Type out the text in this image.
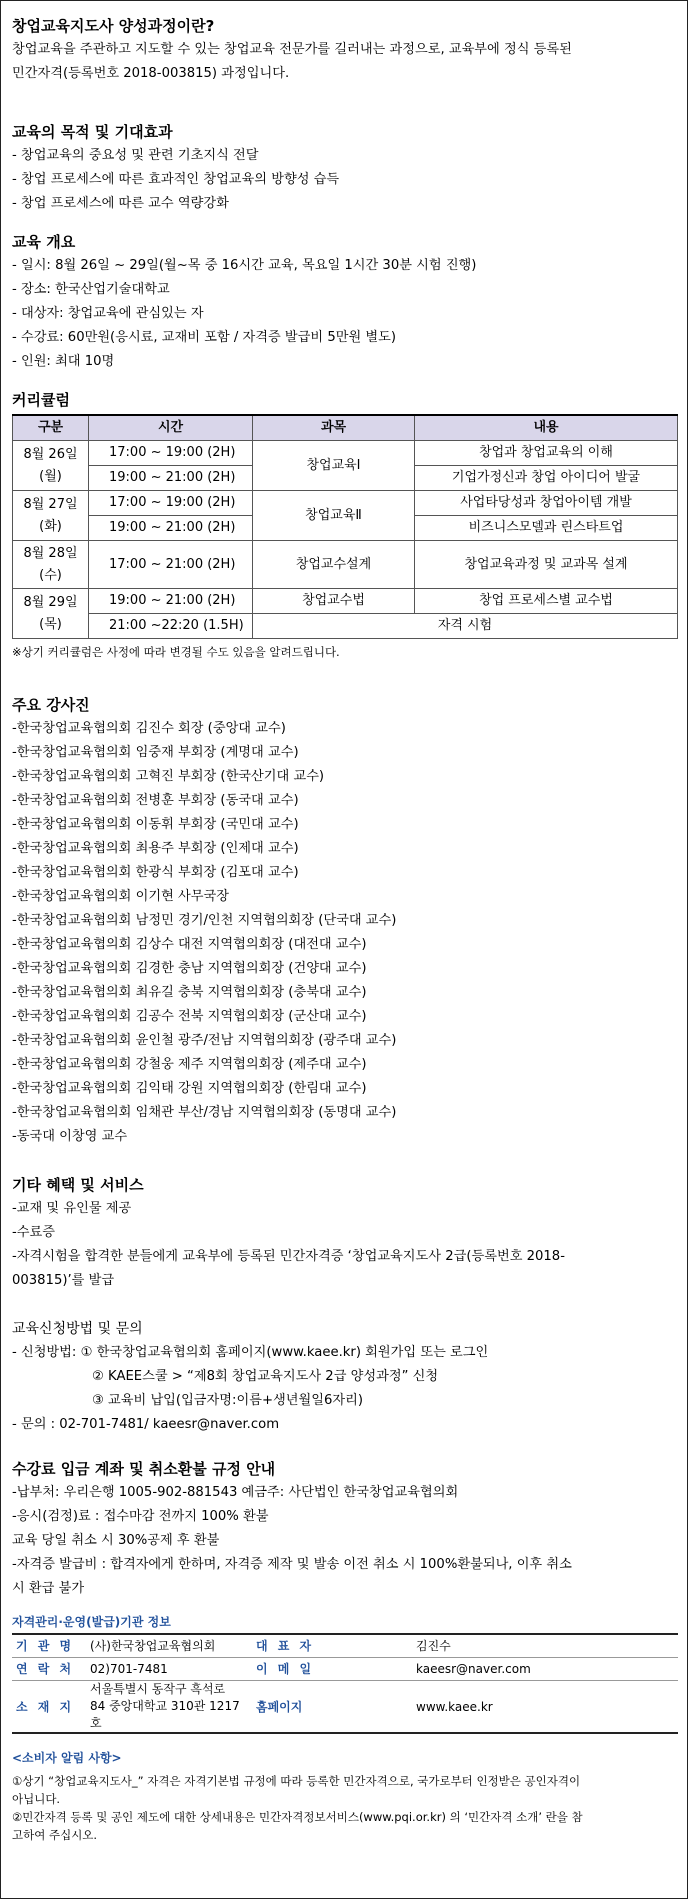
창업교육지도사 양성과정이란?
창업교육을 주관하고 지도할 수 있는 창업교육 전문가를 길러내는 과정으로, 교육부에 정식 등록된
민간자격(등록번호 2018-003815) 과정입니다.
교육의 목적 및 기대효과
- 창업교육의 중요성 및 관련 기초지식 전달
- 창업 프로세스에 따른 효과적인 창업교육의 방향성 습득
- 창업 프로세스에 따른 교수 역량강화
교육 개요
- 일시: 8월 26일 ~ 29일(월~목 중 16시간 교육, 목요일 1시간 30분 시험 진행)
- 장소: 한국산업기술대학교
- 대상자: 창업교육에 관심있는 자
- 수강료: 60만원(응시료, 교재비 포함 / 자격증 발급비 5만원 별도)
- 인원: 최대 10명
커리큘럼
구분	시간	과목	내용
8월 26일
(월)	17:00 ~ 19:00 (2H)	창업교육Ⅰ	창업과 창업교육의 이해
	19:00 ~ 21:00 (2H)		기업가정신과 창업 아이디어 발굴
8월 27일
(화)	17:00 ~ 19:00 (2H)	창업교육Ⅱ	사업타당성과 창업아이템 개발
	19:00 ~ 21:00 (2H)		비즈니스모델과 린스타트업
8월 28일
(수)	17:00 ~ 21:00 (2H)	창업교수설계	창업교육과정 및 교과목 설계
8월 29일
(목)	19:00 ~ 21:00 (2H)	창업교수법	창업 프로세스별 교수법
	21:00 ~22:20 (1.5H)	자격 시험	
※상기 커리큘럼은 사정에 따라 변경될 수도 있음을 알려드립니다.
주요 강사진
-한국창업교육협의회 김진수 회장 (중앙대 교수)
-한국창업교육협의회 임중재 부회장 (계명대 교수)
-한국창업교육협의회 고혁진 부회장 (한국산기대 교수)
-한국창업교육협의회 전병훈 부회장 (동국대 교수)
-한국창업교육협의회 이동휘 부회장 (국민대 교수)
-한국창업교육협의회 최용주 부회장 (인제대 교수)
-한국창업교육협의회 한광식 부회장 (김포대 교수)
-한국창업교육협의회 이기현 사무국장
-한국창업교육협의회 남정민 경기/인천 지역협의회장 (단국대 교수)
-한국창업교육협의회 김상수 대전 지역협의회장 (대전대 교수)
-한국창업교육협의회 김경한 충남 지역협의회장 (건양대 교수)
-한국창업교육협의회 최유길 충북 지역협의회장 (충북대 교수)
-한국창업교육협의회 김공수 전북 지역협의회장 (군산대 교수)
-한국창업교육협의회 윤인철 광주/전남 지역협의회장 (광주대 교수)
-한국창업교육협의회 강철웅 제주 지역협의회장 (제주대 교수)
-한국창업교육협의회 김익태 강원 지역협의회장 (한림대 교수)
-한국창업교육협의회 임채관 부산/경남 지역협의회장 (동명대 교수)
-동국대 이창영 교수
기타 혜택 및 서비스
-교재 및 유인물 제공
-수료증
-자격시험을 합격한 분들에게 교육부에 등록된 민간자격증 ‘창업교육지도사 2급(등록번호 2018-
003815)’를 발급
교육신청방법 및 문의
- 신청방법: ① 한국창업교육협의회 홈페이지(www.kaee.kr) 회원가입 또는 로그인
② KAEE스쿨 > “제8회 창업교육지도사 2급 양성과정” 신청
③ 교육비 납입(입금자명:이름+생년월일6자리)
- 문의 : 02-701-7481/ kaeesr@naver.com
수강료 입금 계좌 및 취소환불 규정 안내
-납부처: 우리은행 1005-902-881543 예금주: 사단법인 한국창업교육협의회
-응시(검정)료 : 접수마감 전까지 100% 환불
교육 당일 취소 시 30%공제 후 환불
-자격증 발급비 : 합격자에게 한하며, 자격증 제작 및 발송 이전 취소 시 100%환불되나, 이후 취소
시 환급 불가
자격관리·운영(발급)기관 정보
기 관 명	(사)한국창업교육협의회	대 표 자	김진수
연 락 처	02)701-7481	이 메 일	kaeesr@naver.com
소 재 지	서울특별시 동작구 흑석로
84 중앙대학교 310관 1217
호	홈페이지	www.kaee.kr
<소비자 알림 사항>
①상기 “창업교육지도사_” 자격은 자격기본법 규정에 따라 등록한 민간자격으로, 국가로부터 인정받은 공인자격이
아닙니다.
②민간자격 등록 및 공인 제도에 대한 상세내용은 민간자격정보서비스(www.pqi.or.kr) 의 ‘민간자격 소개’ 란을 참
고하여 주십시오.
